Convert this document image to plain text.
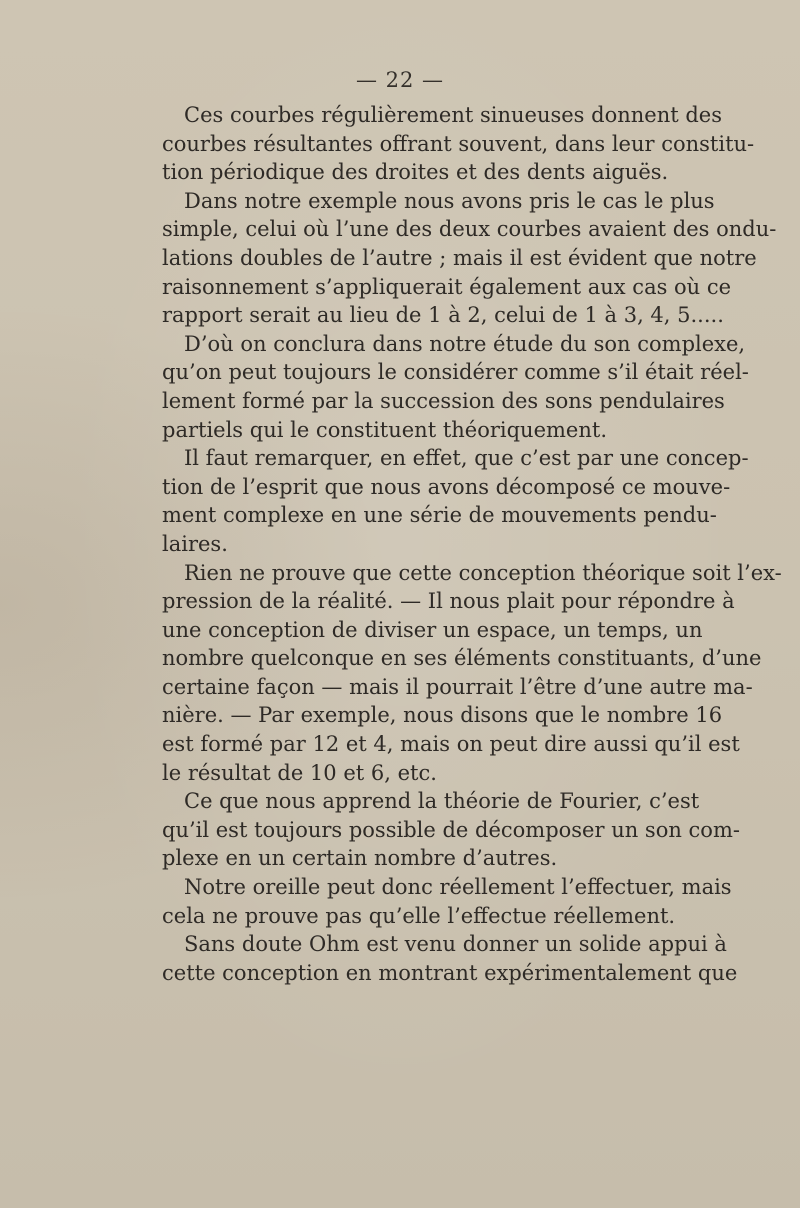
— 22 —
Ces courbes régulièrement sinueuses donnent des
courbes résultantes offrant souvent, dans leur constitu-
tion périodique des droites et des dents aiguës.
Dans notre exemple nous avons pris le cas le plus
simple, celui où l’une des deux courbes avaient des ondu-
lations doubles de l’autre ; mais il est évident que notre
raisonnement s’appliquerait également aux cas où ce
rapport serait au lieu de 1 à 2, celui de 1 à 3, 4, 5.....
D’où on conclura dans notre étude du son complexe,
qu’on peut toujours le considérer comme s’il était réel-
lement formé par la succession des sons pendulaires
partiels qui le constituent théoriquement.
Il faut remarquer, en effet, que c’est par une concep-
tion de l’esprit que nous avons décomposé ce mouve-
ment complexe en une série de mouvements pendu-
laires.
Rien ne prouve que cette conception théorique soit l’ex-
pression de la réalité. — Il nous plait pour répondre à
une conception de diviser un espace, un temps, un
nombre quelconque en ses éléments constituants, d’une
certaine façon — mais il pourrait l’être d’une autre ma-
nière. — Par exemple, nous disons que le nombre 16
est formé par 12 et 4, mais on peut dire aussi qu’il est
le résultat de 10 et 6, etc.
Ce que nous apprend la théorie de Fourier, c’est
qu’il est toujours possible de décomposer un son com-
plexe en un certain nombre d’autres.
Notre oreille peut donc réellement l’effectuer, mais
cela ne prouve pas qu’elle l’effectue réellement.
Sans doute Ohm est venu donner un solide appui à
cette conception en montrant expérimentalement que
